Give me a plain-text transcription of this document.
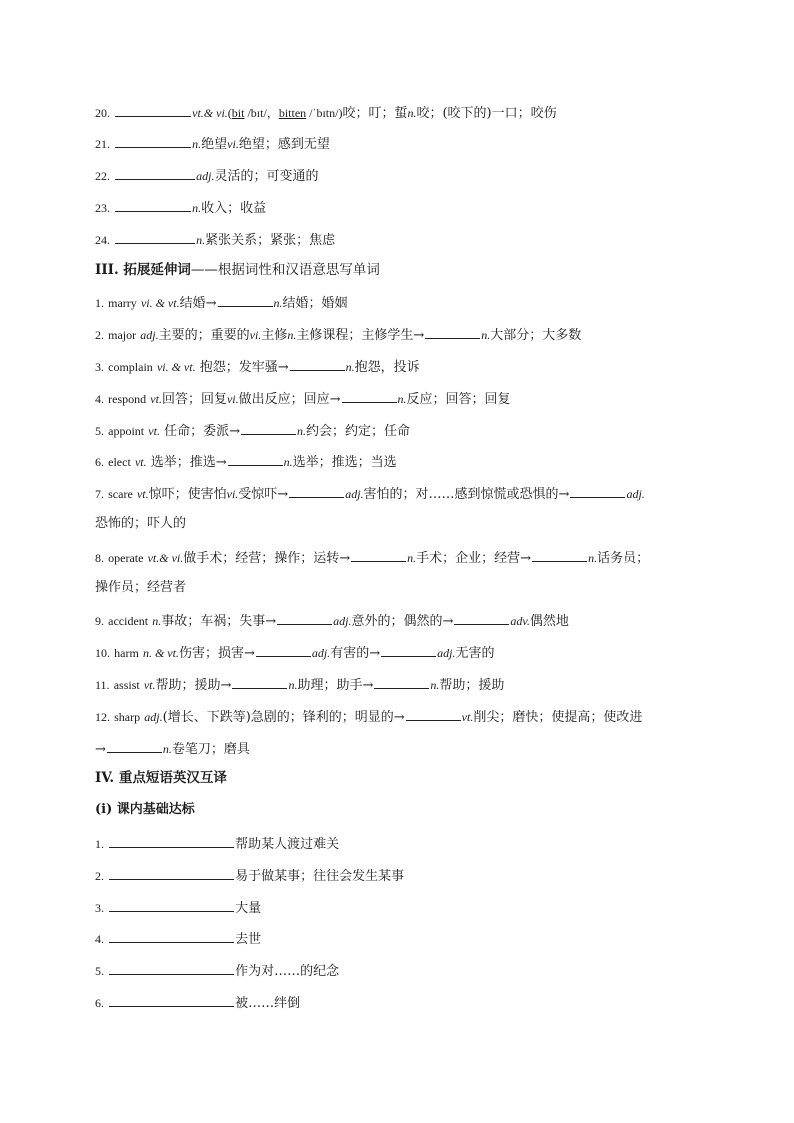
20.	vt.& vi.(bit /bɪt/，bitten /ˈbɪtn/)咬；叮；蜇n.咬；(咬下的)一口；咬伤
21.	n.绝望vi.绝望；感到无望
22.	adj.灵活的；可变通的
23.	n.收入；收益
24.	n.紧张关系；紧张；焦虑
III. 拓展延伸词——根据词性和汉语意思写单词
1. marry vi. & vt.结婚→	n.结婚；婚姻
2. major adj.主要的；重要的vi.主修n.主修课程；主修学生→	n.大部分；大多数
3. complain vi. & vt. 抱怨；发牢骚→	n.抱怨，投诉
4. respond vt.回答；回复vi.做出反应；回应→	n.反应；回答；回复
5. appoint vt. 任命；委派→	n.约会；约定；任命
6. elect vt. 选举；推选→	n.选举；推选；当选
7. scare vt.惊吓；使害怕vi.受惊吓→	adj.害怕的；对……感到惊慌或恐惧的→	adj.
恐怖的；吓人的
8. operate vt.& vi.做手术；经营；操作；运转→	n.手术；企业；经营→	n.话务员；
操作员；经营者
9. accident n.事故；车祸；失事→	adj.意外的；偶然的→	adv.偶然地
10. harm n. & vt.伤害；损害→	adj.有害的→	adj.无害的
11. assist vt.帮助；援助→	n.助理；助手→	n.帮助；援助
12. sharp adj.(增长、下跌等)急剧的；锋利的；明显的→	vt.削尖；磨快；使提高；使改进
→	n.卷笔刀；磨具
IV. 重点短语英汉互译
(i) 课内基础达标
1.	帮助某人渡过难关
2.	易于做某事；往往会发生某事
3.	大量
4.	去世
5.	作为对……的纪念
6.	被……绊倒
